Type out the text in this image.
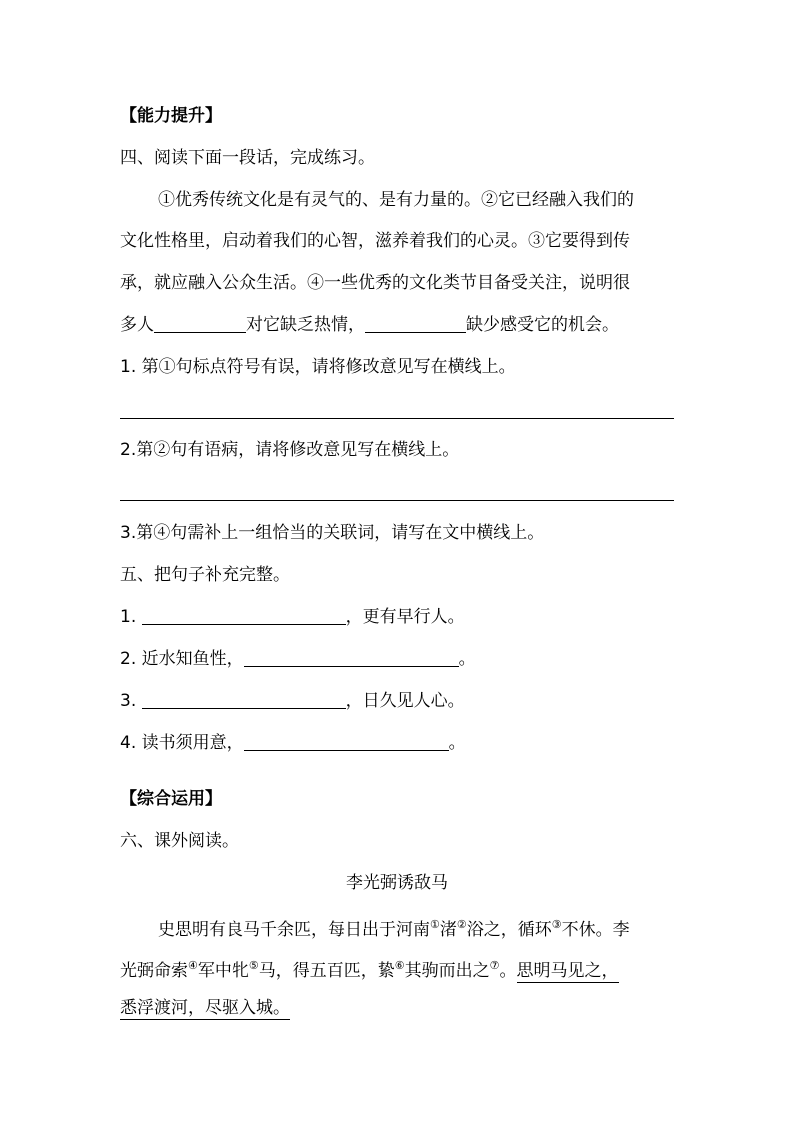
【能力提升】
四、阅读下面一段话，完成练习。
①优秀传统文化是有灵气的、是有力量的。②它已经融入我们的
文化性格里，启动着我们的心智，滋养着我们的心灵。③它要得到传
承，就应融入公众生活。④一些优秀的文化类节目备受关注，说明很
多人	对它缺乏热情，	缺少感受它的机会。
1. 第①句标点符号有误，请将修改意见写在横线上。
2.第②句有语病，请将修改意见写在横线上。
3.第④句需补上一组恰当的关联词，请写在文中横线上。
五、把句子补充完整。
1.	，更有早行人。
2. 近水知鱼性，	。
3.	，日久见人心。
4. 读书须用意，	。
【综合运用】
六、课外阅读。
李光弼诱敌马
史思明有良马千余匹，每日出于河南①渚②浴之，循环③不休。李
光弼命索④军中牝⑤马，得五百匹，絷⑥其驹而出之⑦。思明马见之，
悉浮渡河，尽驱入城。
